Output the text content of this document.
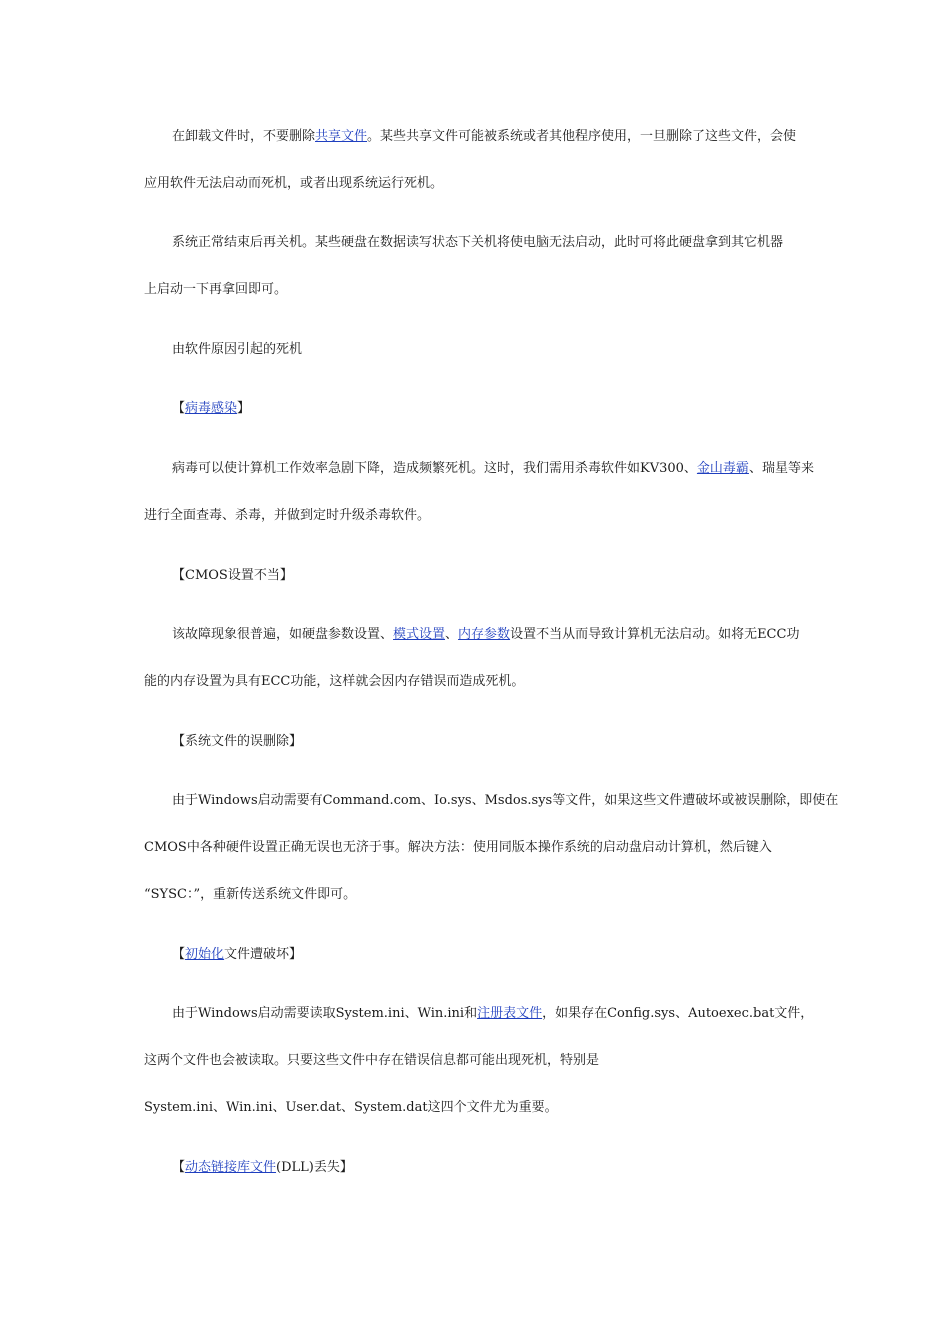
在卸载文件时，不要删除共享文件。某些共享文件可能被系统或者其他程序使用，一旦删除了这些文件，会使
应用软件无法启动而死机，或者出现系统运行死机。
系统正常结束后再关机。某些硬盘在数据读写状态下关机将使电脑无法启动，此时可将此硬盘拿到其它机器
上启动一下再拿回即可。
由软件原因引起的死机
【病毒感染】
病毒可以使计算机工作效率急剧下降，造成频繁死机。这时，我们需用杀毒软件如KV300、金山毒霸、瑞星等来
进行全面查毒、杀毒，并做到定时升级杀毒软件。
【CMOS设置不当】
该故障现象很普遍，如硬盘参数设置、模式设置、内存参数设置不当从而导致计算机无法启动。如将无ECC功
能的内存设置为具有ECC功能，这样就会因内存错误而造成死机。
【系统文件的误删除】
由于Windows启动需要有Command.com、Io.sys、Msdos.sys等文件，如果这些文件遭破坏或被误删除，即使在
CMOS中各种硬件设置正确无误也无济于事。解决方法：使用同版本操作系统的启动盘启动计算机，然后键入
“SYSC：”，重新传送系统文件即可。
【初始化文件遭破坏】
由于Windows启动需要读取System.ini、Win.ini和注册表文件，如果存在Config.sys、Autoexec.bat文件，
这两个文件也会被读取。只要这些文件中存在错误信息都可能出现死机，特别是
System.ini、Win.ini、User.dat、System.dat这四个文件尤为重要。
【动态链接库文件(DLL)丢失】
